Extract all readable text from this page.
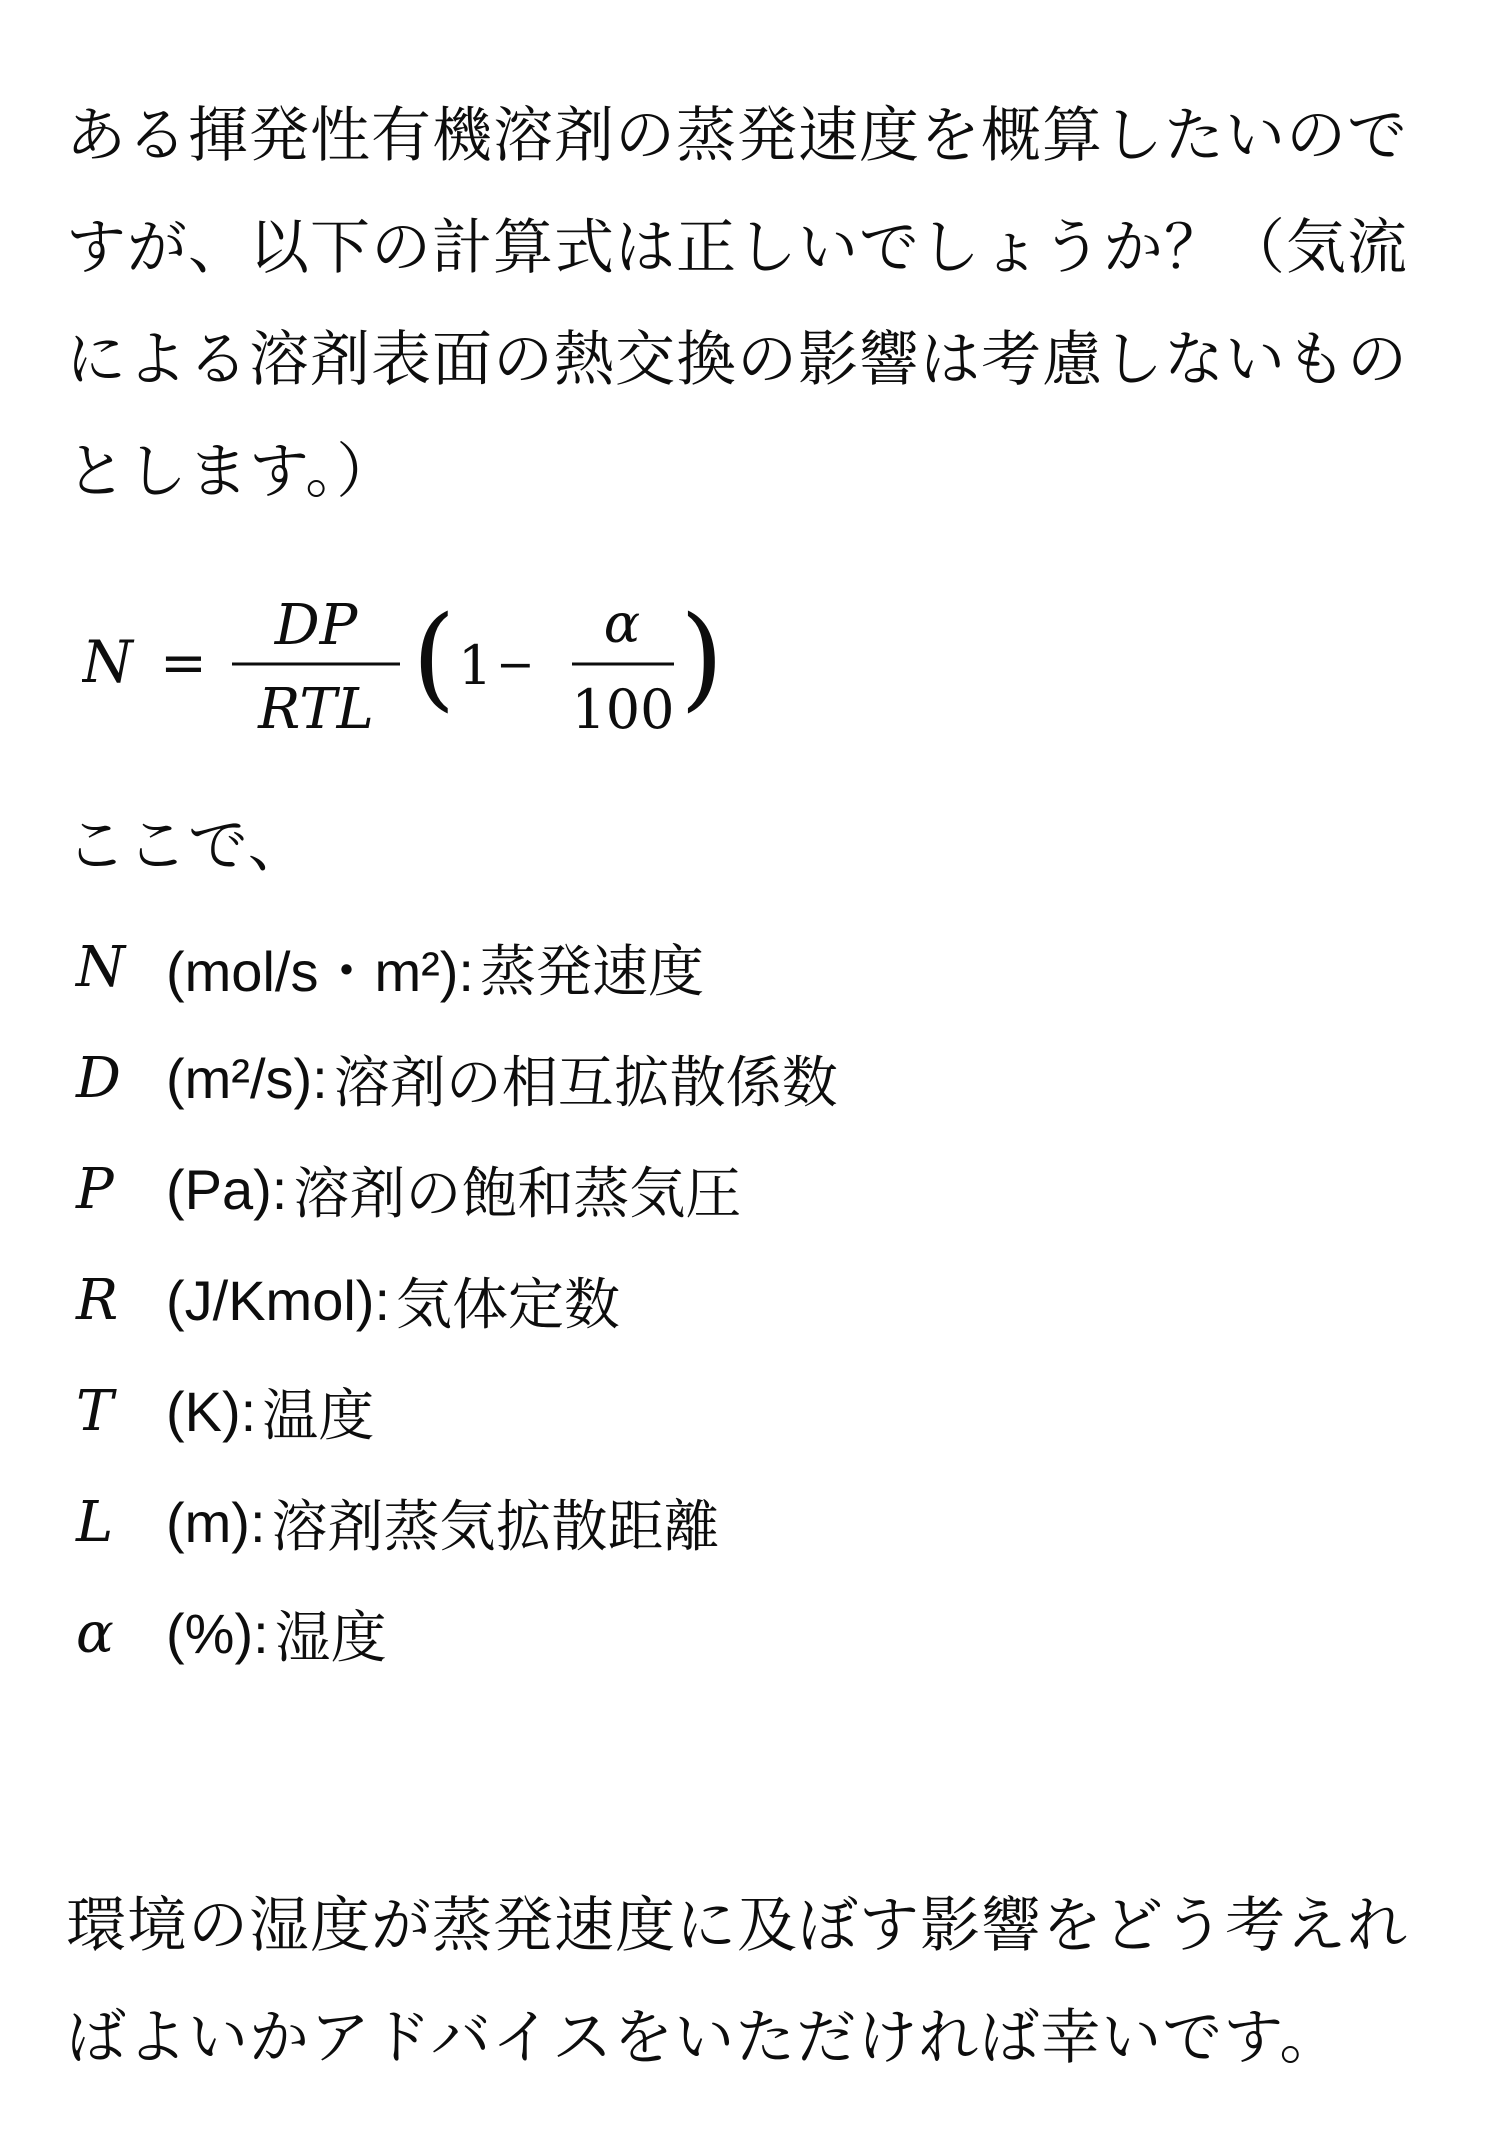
ある揮発性有機溶剤の蒸発速度を概算したいのですが、以下の計算式は正しいでしょうか？（気流による溶剤表面の熱交換の影響は考慮しないものとします。）

N =
DP
RTL ( 1 −
α
100 )

ここで、

N (mol/s・m²): 蒸発速度
D (m²/s): 溶剤の相互拡散係数
P (Pa): 溶剤の飽和蒸気圧
R (J/Kmol): 気体定数
T (K): 温度
L (m): 溶剤蒸気拡散距離
α (%): 湿度

環境の湿度が蒸発速度に及ぼす影響をどう考えればよいかアドバイスをいただければ幸いです。
